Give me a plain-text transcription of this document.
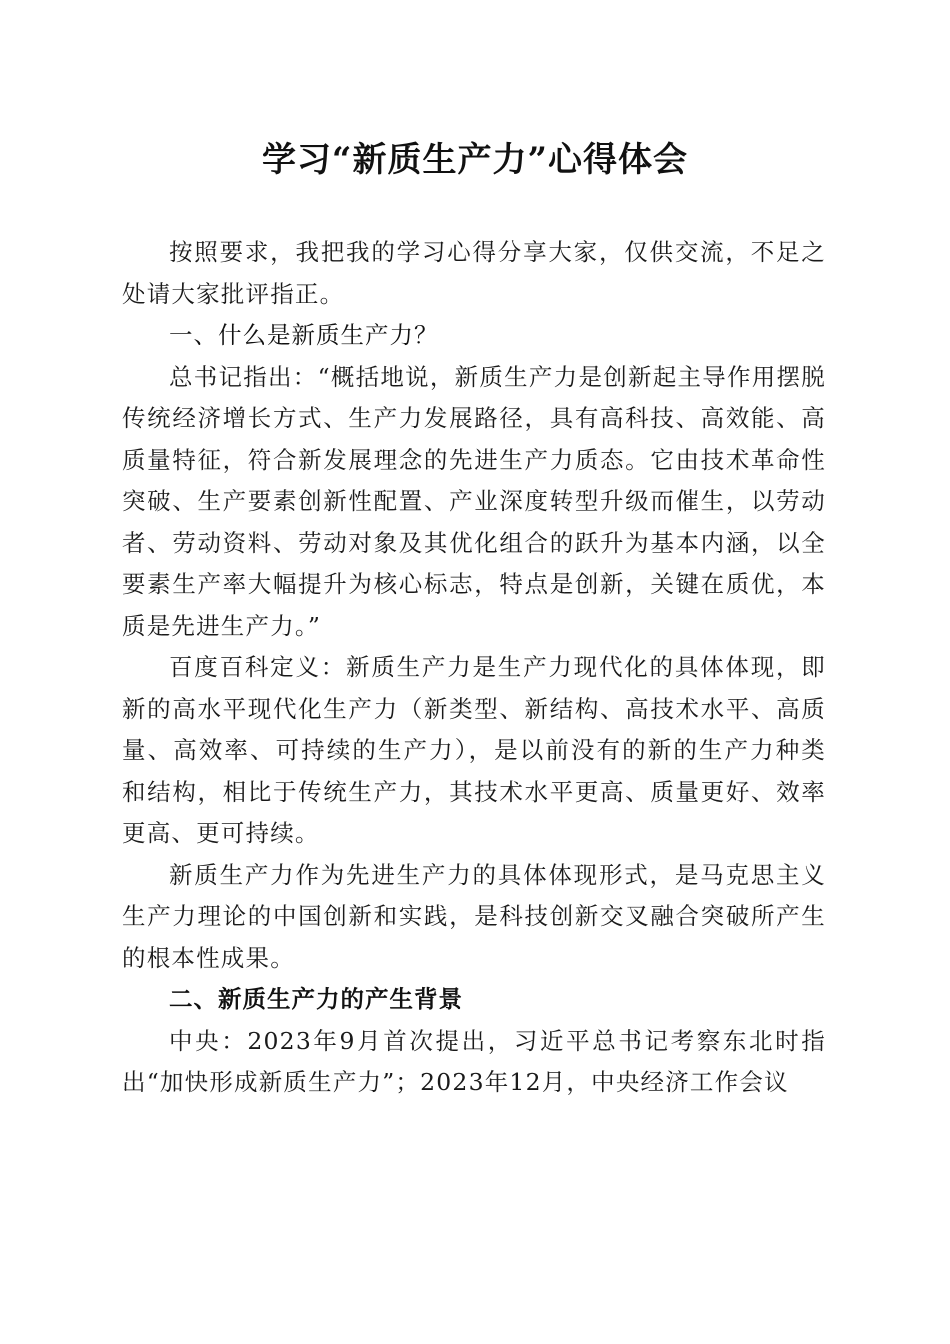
学习“新质生产力”心得体会

按照要求，我把我的学习心得分享大家，仅供交流，不足之处请大家批评指正。

一、什么是新质生产力？

总书记指出：“概括地说，新质生产力是创新起主导作用摆脱传统经济增长方式、生产力发展路径，具有高科技、高效能、高质量特征，符合新发展理念的先进生产力质态。它由技术革命性突破、生产要素创新性配置、产业深度转型升级而催生，以劳动者、劳动资料、劳动对象及其优化组合的跃升为基本内涵，以全要素生产率大幅提升为核心标志，特点是创新，关键在质优，本质是先进生产力。”

百度百科定义：新质生产力是生产力现代化的具体体现，即新的高水平现代化生产力（新类型、新结构、高技术水平、高质量、高效率、可持续的生产力），是以前没有的新的生产力种类和结构，相比于传统生产力，其技术水平更高、质量更好、效率更高、更可持续。

新质生产力作为先进生产力的具体体现形式，是马克思主义生产力理论的中国创新和实践，是科技创新交叉融合突破所产生的根本性成果。

二、新质生产力的产生背景

中央：2023年9月首次提出，习近平总书记考察东北时指出“加快形成新质生产力”；2023年12月，中央经济工作会议
